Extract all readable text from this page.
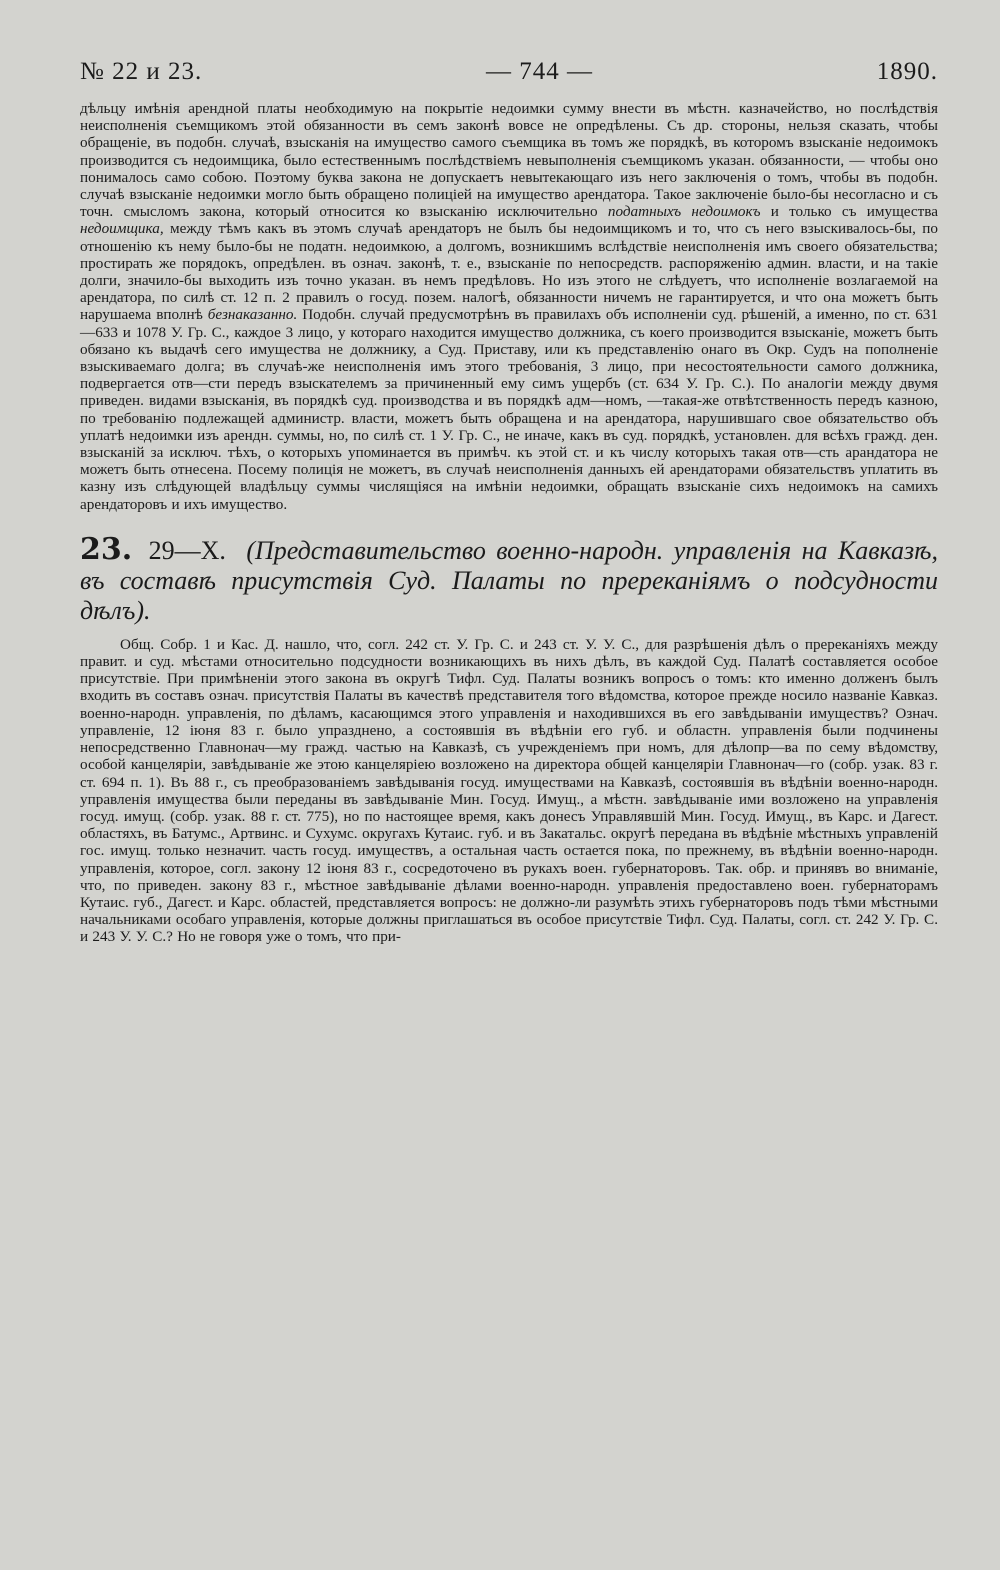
№ 22 и 23.	— 744 —	1890.

дѣльцу имѣнія арендной платы необходимую на покрытіе недоимки сумму внести въ мѣстн. казначейство, но послѣдствія неисполненія съемщикомъ этой обязанности въ семъ законѣ вовсе не опредѣлены. Съ др. стороны, нельзя сказать, чтобы обращеніе, въ подобн. случаѣ, взысканія на имущество самого съемщика въ томъ же порядкѣ, въ которомъ взысканіе недоимокъ производится съ недоимщика, было естественнымъ послѣдствіемъ невыполненія съемщикомъ указан. обязанности, — чтобы оно понималось само собою. Поэтому буква закона не допускаетъ невытекающаго изъ него заключенія о томъ, чтобы въ подобн. случаѣ взысканіе недоимки могло быть обращено полиціей на имущество арендатора. Такое заключеніе было-бы несогласно и съ точн. смысломъ закона, который относится ко взысканію исключительно податныхъ недоимокъ и только съ имущества недоимщика, между тѣмъ какъ въ этомъ случаѣ арендаторъ не былъ бы недоимщикомъ и то, что съ него взыскивалось-бы, по отношенію къ нему было-бы не податн. недоимкою, а долгомъ, возникшимъ вслѣдствіе неисполненія имъ своего обязательства; простирать же порядокъ, опредѣлен. въ означ. законѣ, т. е., взысканіе по непосредств. распоряженію админ. власти, и на такіе долги, значило-бы выходить изъ точно указан. въ немъ предѣловъ. Но изъ этого не слѣдуетъ, что исполненіе возлагаемой на арендатора, по силѣ ст. 12 п. 2 правилъ о госуд. позем. налогѣ, обязанности ничемъ не гарантируется, и что она можетъ быть нарушаема вполнѣ безнаказанно. Подобн. случай предусмотрѣнъ въ правилахъ объ исполненіи суд. рѣшеній, а именно, по ст. 631—633 и 1078 У. Гр. С., каждое 3 лицо, у котораго находится имущество должника, съ коего производится взысканіе, можетъ быть обязано къ выдачѣ сего имущества не должнику, а Суд. Приставу, или къ представленію онаго въ Окр. Судъ на пополненіе взыскиваемаго долга; въ случаѣ-же неисполненія имъ этого требованія, 3 лицо, при несостоятельности самого должника, подвергается отв—сти передъ взыскателемъ за причиненный ему симъ ущербъ (ст. 634 У. Гр. С.). По аналогіи между двумя приведен. видами взысканія, въ порядкѣ суд. производства и въ порядкѣ адм—номъ, —такая-же отвѣтственность передъ казною, по требованію подлежащей администр. власти, можетъ быть обращена и на арендатора, нарушившаго свое обязательство объ уплатѣ недоимки изъ арендн. суммы, но, по силѣ ст. 1 У. Гр. С., не иначе, какъ въ суд. порядкѣ, установлен. для всѣхъ гражд. ден. взысканій за исключ. тѣхъ, о которыхъ упоминается въ примѣч. къ этой ст. и къ числу которыхъ такая отв—сть арандатора не можетъ быть отнесена. Посему полиція не можетъ, въ случаѣ неисполненія данныхъ ей арендаторами обязательствъ уплатить въ казну изъ слѣдующей владѣльцу суммы числящіяся на имѣніи недоимки, обращать взысканіе сихъ недоимокъ на самихъ арендаторовъ и ихъ имущество.

23. 29—X. (Представительство военно-народн. управленія на Кавказѣ, въ составѣ присутствія Суд. Палаты по пререканіямъ о подсудности дѣлъ).

Общ. Собр. 1 и Кас. Д. нашло, что, согл. 242 ст. У. Гр. С. и 243 ст. У. У. С., для разрѣшенія дѣлъ о пререканіяхъ между правит. и суд. мѣстами относительно подсудности возникающихъ въ нихъ дѣлъ, въ каждой Суд. Палатѣ составляется особое присутствіе. При примѣненіи этого закона въ округѣ Тифл. Суд. Палаты возникъ вопросъ о томъ: кто именно долженъ былъ входить въ составъ означ. присутствія Палаты въ качествѣ представителя того вѣдомства, которое прежде носило названіе Кавказ. военно-народн. управленія, по дѣламъ, касающимся этого управленія и находившихся въ его завѣдываніи имуществъ? Означ. управленіе, 12 іюня 83 г. было упразднено, а состоявшія въ вѣдѣніи его губ. и областн. управленія были подчинены непосредственно Главнонач—му гражд. частью на Кавказѣ, съ учрежденіемъ при номъ, для дѣлопр—ва по сему вѣдомству, особой канцеляріи, завѣдываніе же этою канцеляріею возложено на директора общей канцеляріи Главнонач—го (собр. узак. 83 г. ст. 694 п. 1). Въ 88 г., съ преобразованіемъ завѣдыванія госуд. имуществами на Кавказѣ, состоявшія въ вѣдѣніи военно-народн. управленія имущества были переданы въ завѣдываніе Мин. Госуд. Имущ., а мѣстн. завѣдываніе ими возложено на управленія госуд. имущ. (собр. узак. 88 г. ст. 775), но по настоящее время, какъ донесъ Управлявшій Мин. Госуд. Имущ., въ Карс. и Дагест. областяхъ, въ Батумс., Артвинс. и Сухумс. округахъ Кутаис. губ. и въ Закатальс. округѣ передана въ вѣдѣніе мѣстныхъ управленій гос. имущ. только незначит. часть госуд. имуществъ, а остальная часть остается пока, по прежнему, въ вѣдѣніи военно-народн. управленія, которое, согл. закону 12 іюня 83 г., сосредоточено въ рукахъ воен. губернаторовъ. Так. обр. и принявъ во вниманіе, что, по приведен. закону 83 г., мѣстное завѣдываніе дѣлами военно-народн. управленія предоставлено воен. губернаторамъ Кутаис. губ., Дагест. и Карс. областей, представляется вопросъ: не должно-ли разумѣть этихъ губернаторовъ подъ тѣми мѣстными начальниками особаго управленія, которые должны приглашаться въ особое присутствіе Тифл. Суд. Палаты, согл. ст. 242 У. Гр. С. и 243 У. У. С.? Но не говоря уже о томъ, что при-
